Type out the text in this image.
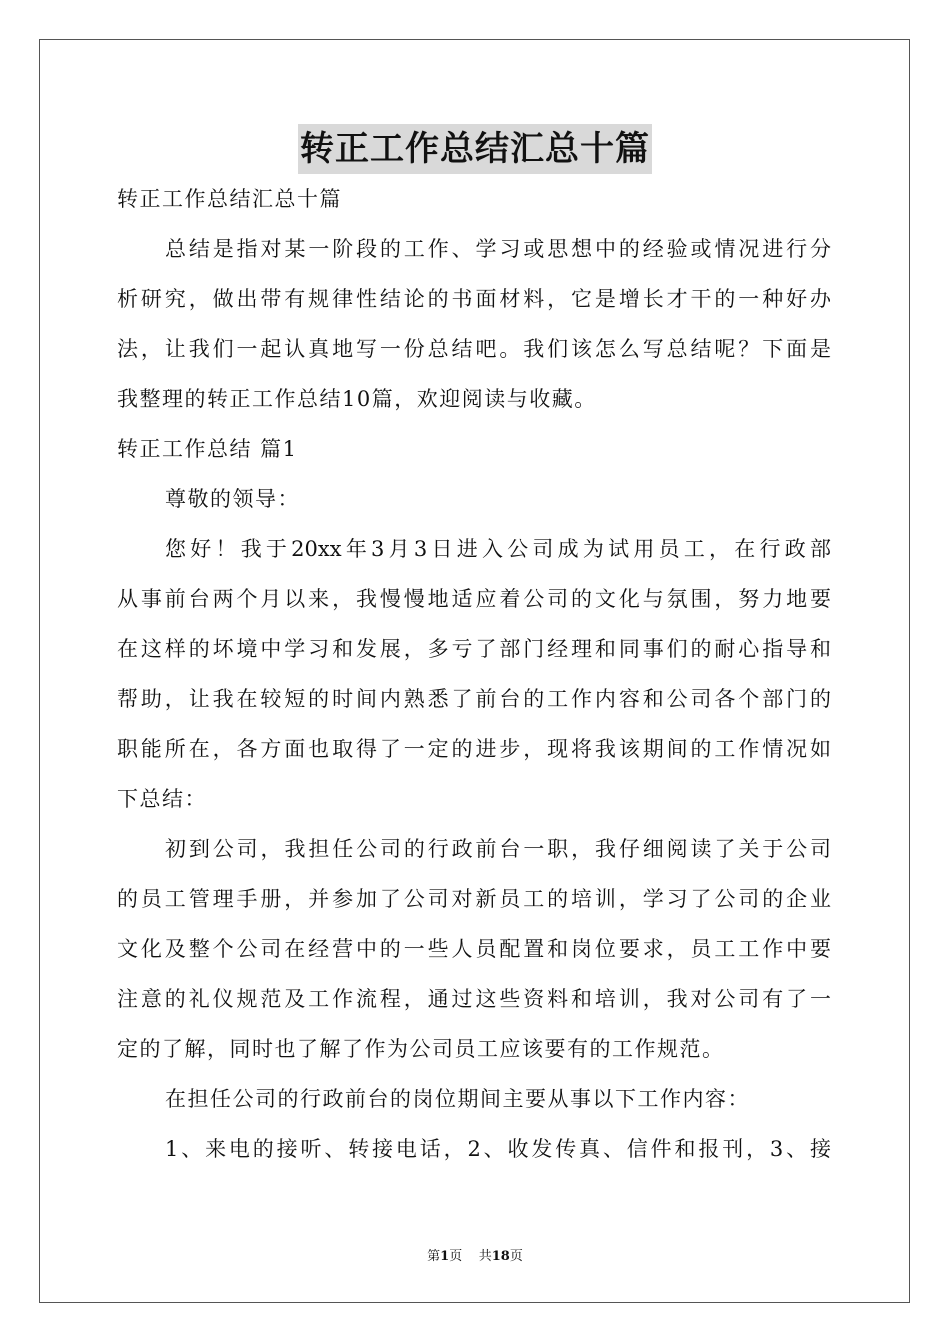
转正工作总结汇总十篇
转正工作总结汇总十篇
总结是指对某一阶段的工作、学习或思想中的经验或情况进行分
析研究，做出带有规律性结论的书面材料，它是增长才干的一种好办
法，让我们一起认真地写一份总结吧。我们该怎么写总结呢？下面是
我整理的转正工作总结10篇，欢迎阅读与收藏。
转正工作总结 篇1
尊敬的领导：
您好！我于20xx年3月3日进入公司成为试用员工，在行政部
从事前台两个月以来，我慢慢地适应着公司的文化与氛围，努力地要
在这样的坏境中学习和发展，多亏了部门经理和同事们的耐心指导和
帮助，让我在较短的时间内熟悉了前台的工作内容和公司各个部门的
职能所在，各方面也取得了一定的进步，现将我该期间的工作情况如
下总结：
初到公司，我担任公司的行政前台一职，我仔细阅读了关于公司
的员工管理手册，并参加了公司对新员工的培训，学习了公司的企业
文化及整个公司在经营中的一些人员配置和岗位要求，员工工作中要
注意的礼仪规范及工作流程，通过这些资料和培训，我对公司有了一
定的了解，同时也了解了作为公司员工应该要有的工作规范。
在担任公司的行政前台的岗位期间主要从事以下工作内容：
1、来电的接听、转接电话，2、收发传真、信件和报刊，3、接
第1页    共18页
